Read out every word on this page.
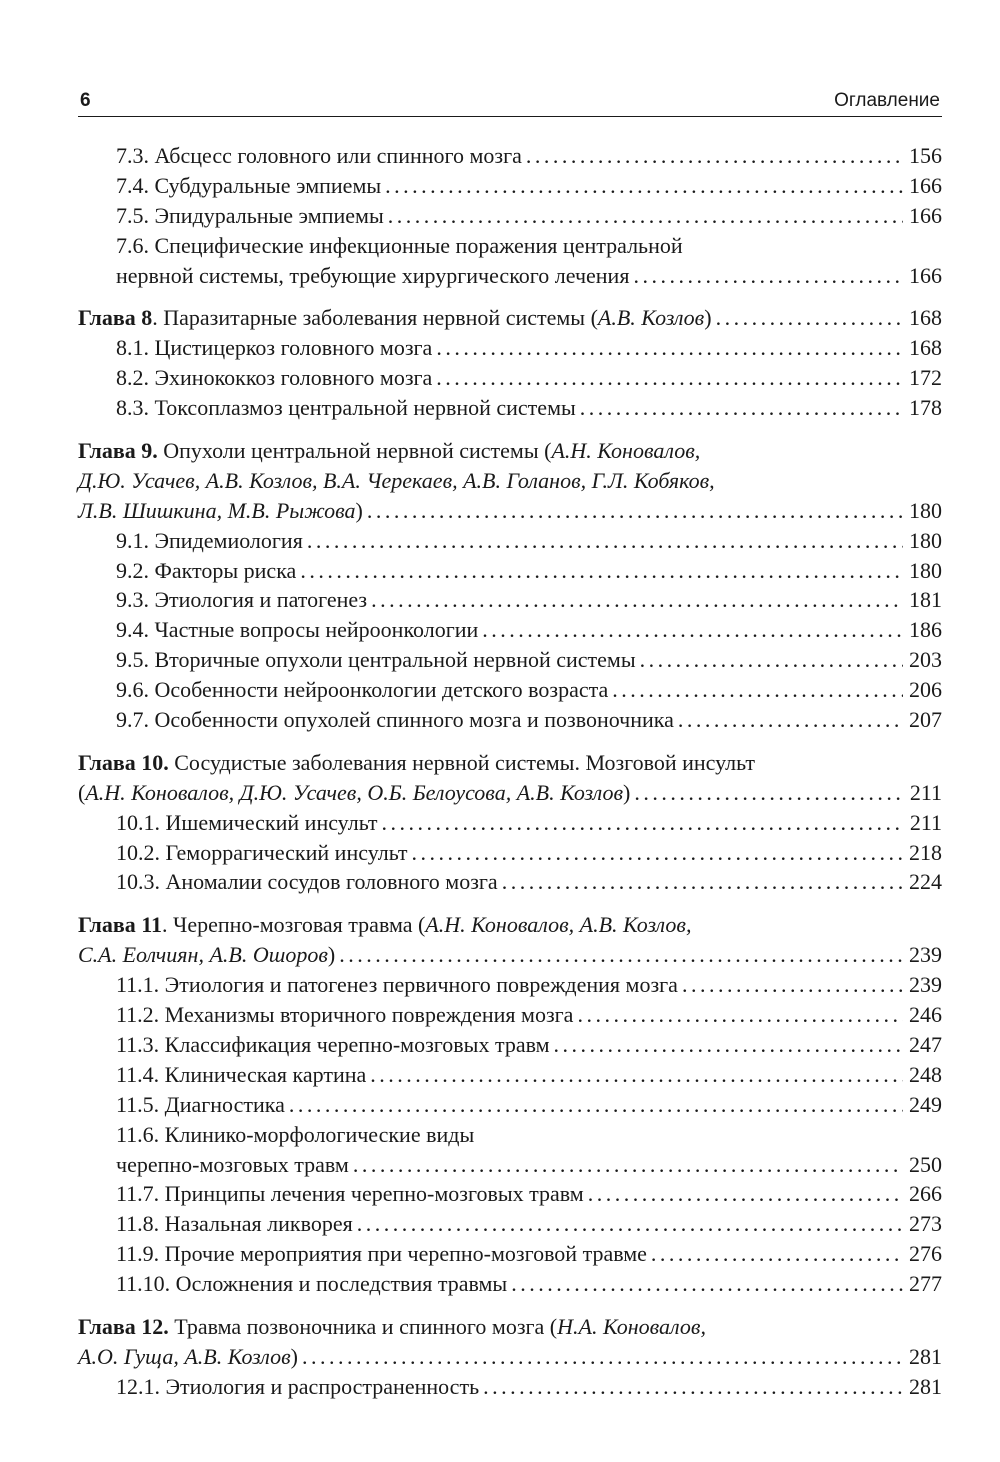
6	Оглавление
7.3. Абсцесс головного или спинного мозга . . .	156
7.4. Субдуральные эмпиемы . . .	166
7.5. Эпидуральные эмпиемы . . .	166
7.6. Специфические инфекционные поражения центральной
нервной системы, требующие хирургического лечения . . .	166
Глава 8. Паразитарные заболевания нервной системы (А.В. Козлов) . . .	168
8.1. Цистицеркоз головного мозга . . .	168
8.2. Эхинококкоз головного мозга . . .	172
8.3. Токсоплазмоз центральной нервной системы . . .	178
Глава 9. Опухоли центральной нервной системы (А.Н. Коновалов,
Д.Ю. Усачев, А.В. Козлов, В.А. Черекаев, А.В. Голанов, Г.Л. Кобяков,
Л.В. Шишкина, М.В. Рыжова) . . .	180
9.1. Эпидемиология . . .	180
9.2. Факторы риска . . .	180
9.3. Этиология и патогенез . . .	181
9.4. Частные вопросы нейроонкологии . . .	186
9.5. Вторичные опухоли центральной нервной системы . . .	203
9.6. Особенности нейроонкологии детского возраста . . .	206
9.7. Особенности опухолей спинного мозга и позвоночника . . .	207
Глава 10. Сосудистые заболевания нервной системы. Мозговой инсульт
(А.Н. Коновалов, Д.Ю. Усачев, О.Б. Белоусова, А.В. Козлов) . . .	211
10.1. Ишемический инсульт . . .	211
10.2. Геморрагический инсульт . . .	218
10.3. Аномалии сосудов головного мозга . . .	224
Глава 11. Черепно-мозговая травма (А.Н. Коновалов, А.В. Козлов,
С.А. Еолчиян, А.В. Ошоров) . . .	239
11.1. Этиология и патогенез первичного повреждения мозга . . .	239
11.2. Механизмы вторичного повреждения мозга . . .	246
11.3. Классификация черепно-мозговых травм . . .	247
11.4. Клиническая картина . . .	248
11.5. Диагностика . . .	249
11.6. Клинико-морфологические виды
черепно-мозговых травм . . .	250
11.7. Принципы лечения черепно-мозговых травм . . .	266
11.8. Назальная ликворея . . .	273
11.9. Прочие мероприятия при черепно-мозговой травме . . .	276
11.10. Осложнения и последствия травмы . . .	277
Глава 12. Травма позвоночника и спинного мозга (Н.А. Коновалов,
А.О. Гуща, А.В. Козлов) . . .	281
12.1. Этиология и распространенность . . .	281
